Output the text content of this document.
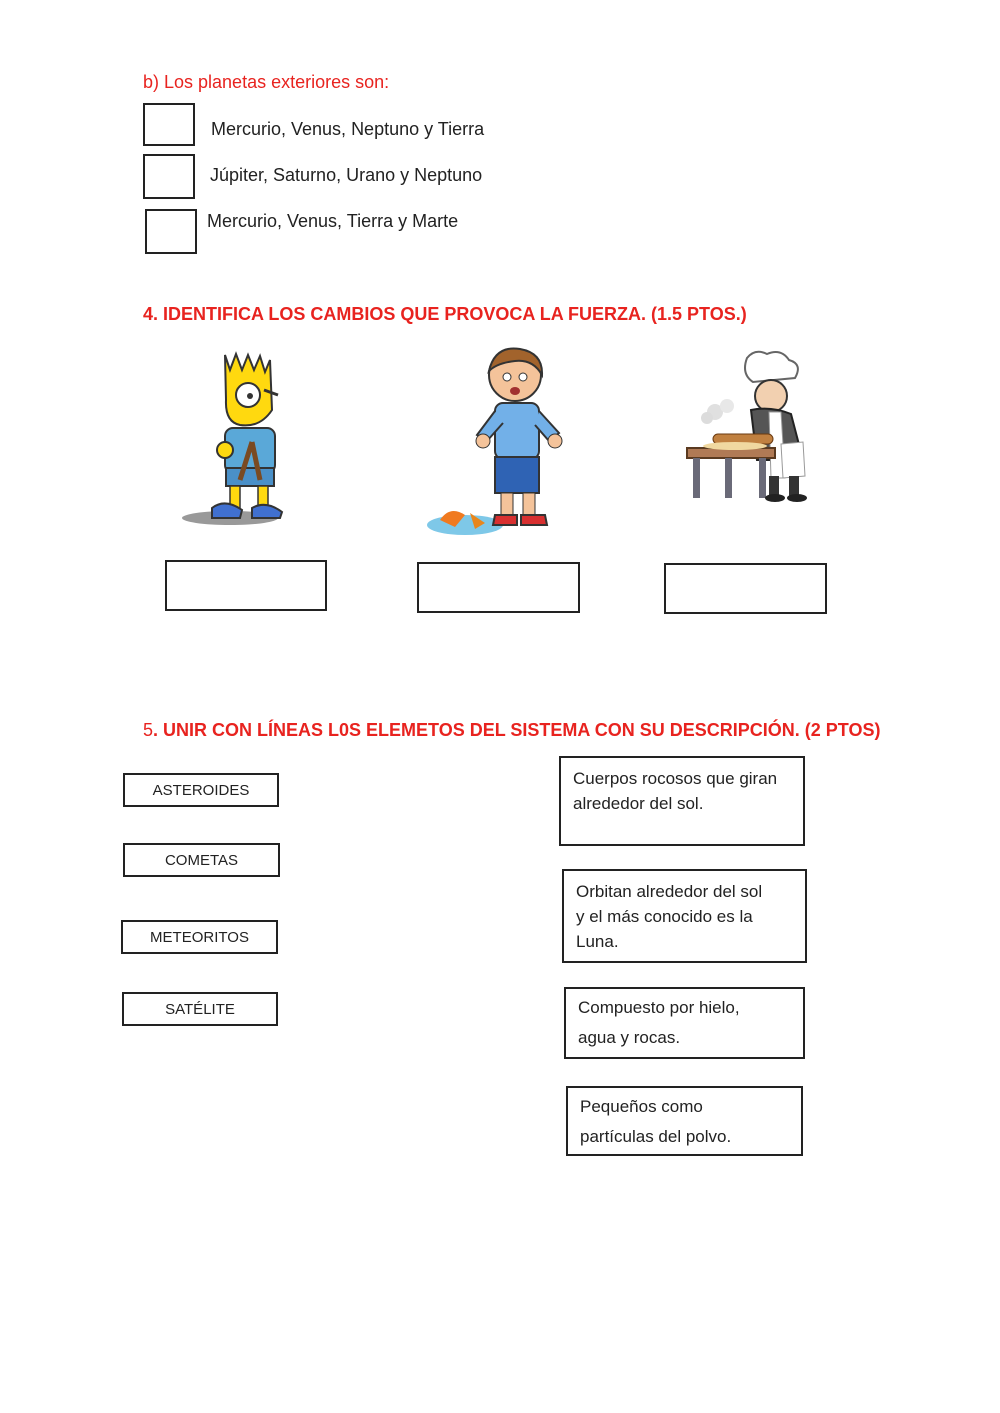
b) Los planetas exteriores son:
Mercurio, Venus, Neptuno y Tierra
Júpiter, Saturno, Urano y Neptuno
Mercurio, Venus, Tierra y Marte
4. IDENTIFICA LOS CAMBIOS QUE PROVOCA LA FUERZA. (1.5 PTOS.)
5. UNIR CON LÍNEAS L0S ELEMETOS DEL SISTEMA CON SU DESCRIPCIÓN. (2 PTOS)
ASTEROIDES
COMETAS
METEORITOS
SATÉLITE
Cuerpos rocosos que giran
alrededor del sol.
Orbitan alrededor del sol
y el más conocido es la
Luna.
Compuesto por hielo,
agua y rocas.
Pequeños como
partículas del polvo.
